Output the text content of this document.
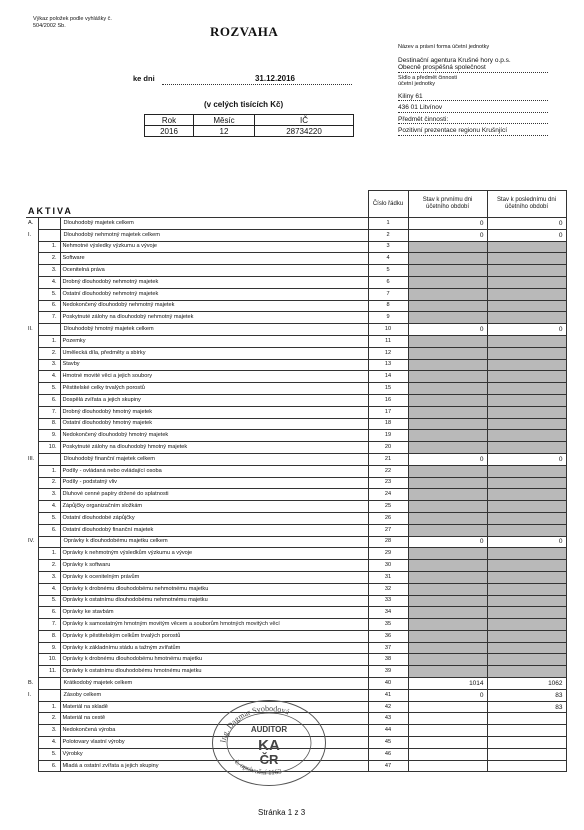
Výkaz položek podle vyhlášky č.
504/2002 Sb.	ROZVAHA
ke dni	31.12.2016
(v celých tisících Kč)
Rok	Měsíc	IČ
2016	12	28734220
Název a právní forma účetní jednotky
Destinační agentura Krušné hory o.p.s.
Obecně prospěšná společnost
Sídlo a předmět činnosti
účetní jednotky
Kiliny 61
436 01 Litvínov
Předmět činnosti:
Pozitivní prezentace regionu Krušnjící
AKTIVA			Číslo řádku	Stav k prvnímu dni účetního období	Stav k poslednímu dni účetního období
A.		Dlouhodobý majetek celkem	1	0	0
I.		Dlouhodobý nehmotný majetek celkem	2	0	0
	1.	Nehmotné výsledky výzkumu a vývoje	3		
	2.	Software	4		
	3.	Ocenitelná práva	5		
	4.	Drobný dlouhodobý nehmotný majetek	6		
	5.	Ostatní dlouhodobý nehmotný majetek	7		
	6.	Nedokončený dlouhodobý nehmotný majetek	8		
	7.	Poskytnuté zálohy na dlouhodobý nehmotný majetek	9		
II.		Dlouhodobý hmotný majetek celkem	10	0	0
	1.	Pozemky	11		
	2.	Umělecká díla, předměty a sbírky	12		
	3.	Stavby	13		
	4.	Hmotné movité věci a jejich soubory	14		
	5.	Pěstitelské celky trvalých porostů	15		
	6.	Dospělá zvířata a jejich skupiny	16		
	7.	Drobný dlouhodobý hmotný majetek	17		
	8.	Ostatní dlouhodobý hmotný majetek	18		
	9.	Nedokončený dlouhodobý hmotný majetek	19		
	10.	Poskytnuté zálohy na dlouhodobý hmotný majetek	20		
III.		Dlouhodobý finanční majetek celkem	21	0	0
	1.	Podíly - ovládaná nebo ovládající osoba	22		
	2.	Podíly - podstatný vliv	23		
	3.	Dluhové cenné papíry držené do splatnosti	24		
	4.	Zápůjčky organizačním složkám	25		
	5.	Ostatní dlouhodobé zápůjčky	26		
	6.	Ostatní dlouhodobý finanční majetek	27		
IV.		Oprávky k dlouhodobému majetku celkem	28	0	0
	1.	Oprávky k nehmotným výsledkům výzkumu a vývoje	29		
	2.	Oprávky k softwaru	30		
	3.	Oprávky k ocenitelným právům	31		
	4.	Oprávky k drobnému dlouhodobému nehmotnému majetku	32		
	5.	Oprávky k ostatnímu dlouhodobému nehmotnému majetku	33		
	6.	Oprávky ke stavbám	34		
	7.	Oprávky k samostatným hmotným movitým věcem a souborům hmotných movitých věcí	35		
	8.	Oprávky k pěstitelským celkům trvalých porostů	36		
	9.	Oprávky k základnímu stádu a tažným zvířatům	37		
	10.	Oprávky k drobnému dlouhodobému hmotnému majetku	38		
	11.	Oprávky k ostatnímu dlouhodobému hmotnému majetku	39		
B.		Krátkodobý majetek celkem	40	1014	1062
I.		Zásoby celkem	41	0	83
	1.	Materiál na skladě	42		83
	2.	Materiál na cestě	43		
	3.	Nedokončená výroba	44		
	4.	Polotovary vlastní výroby	45		
	5.	Výrobky	46		
	6.	Mladá a ostatní zvířata a jejich skupiny	47		
Ing. Dagmar Svobodová
č. oprávnění 1163
AUDITOR
KA
ČR
Stránka 1 z 3
